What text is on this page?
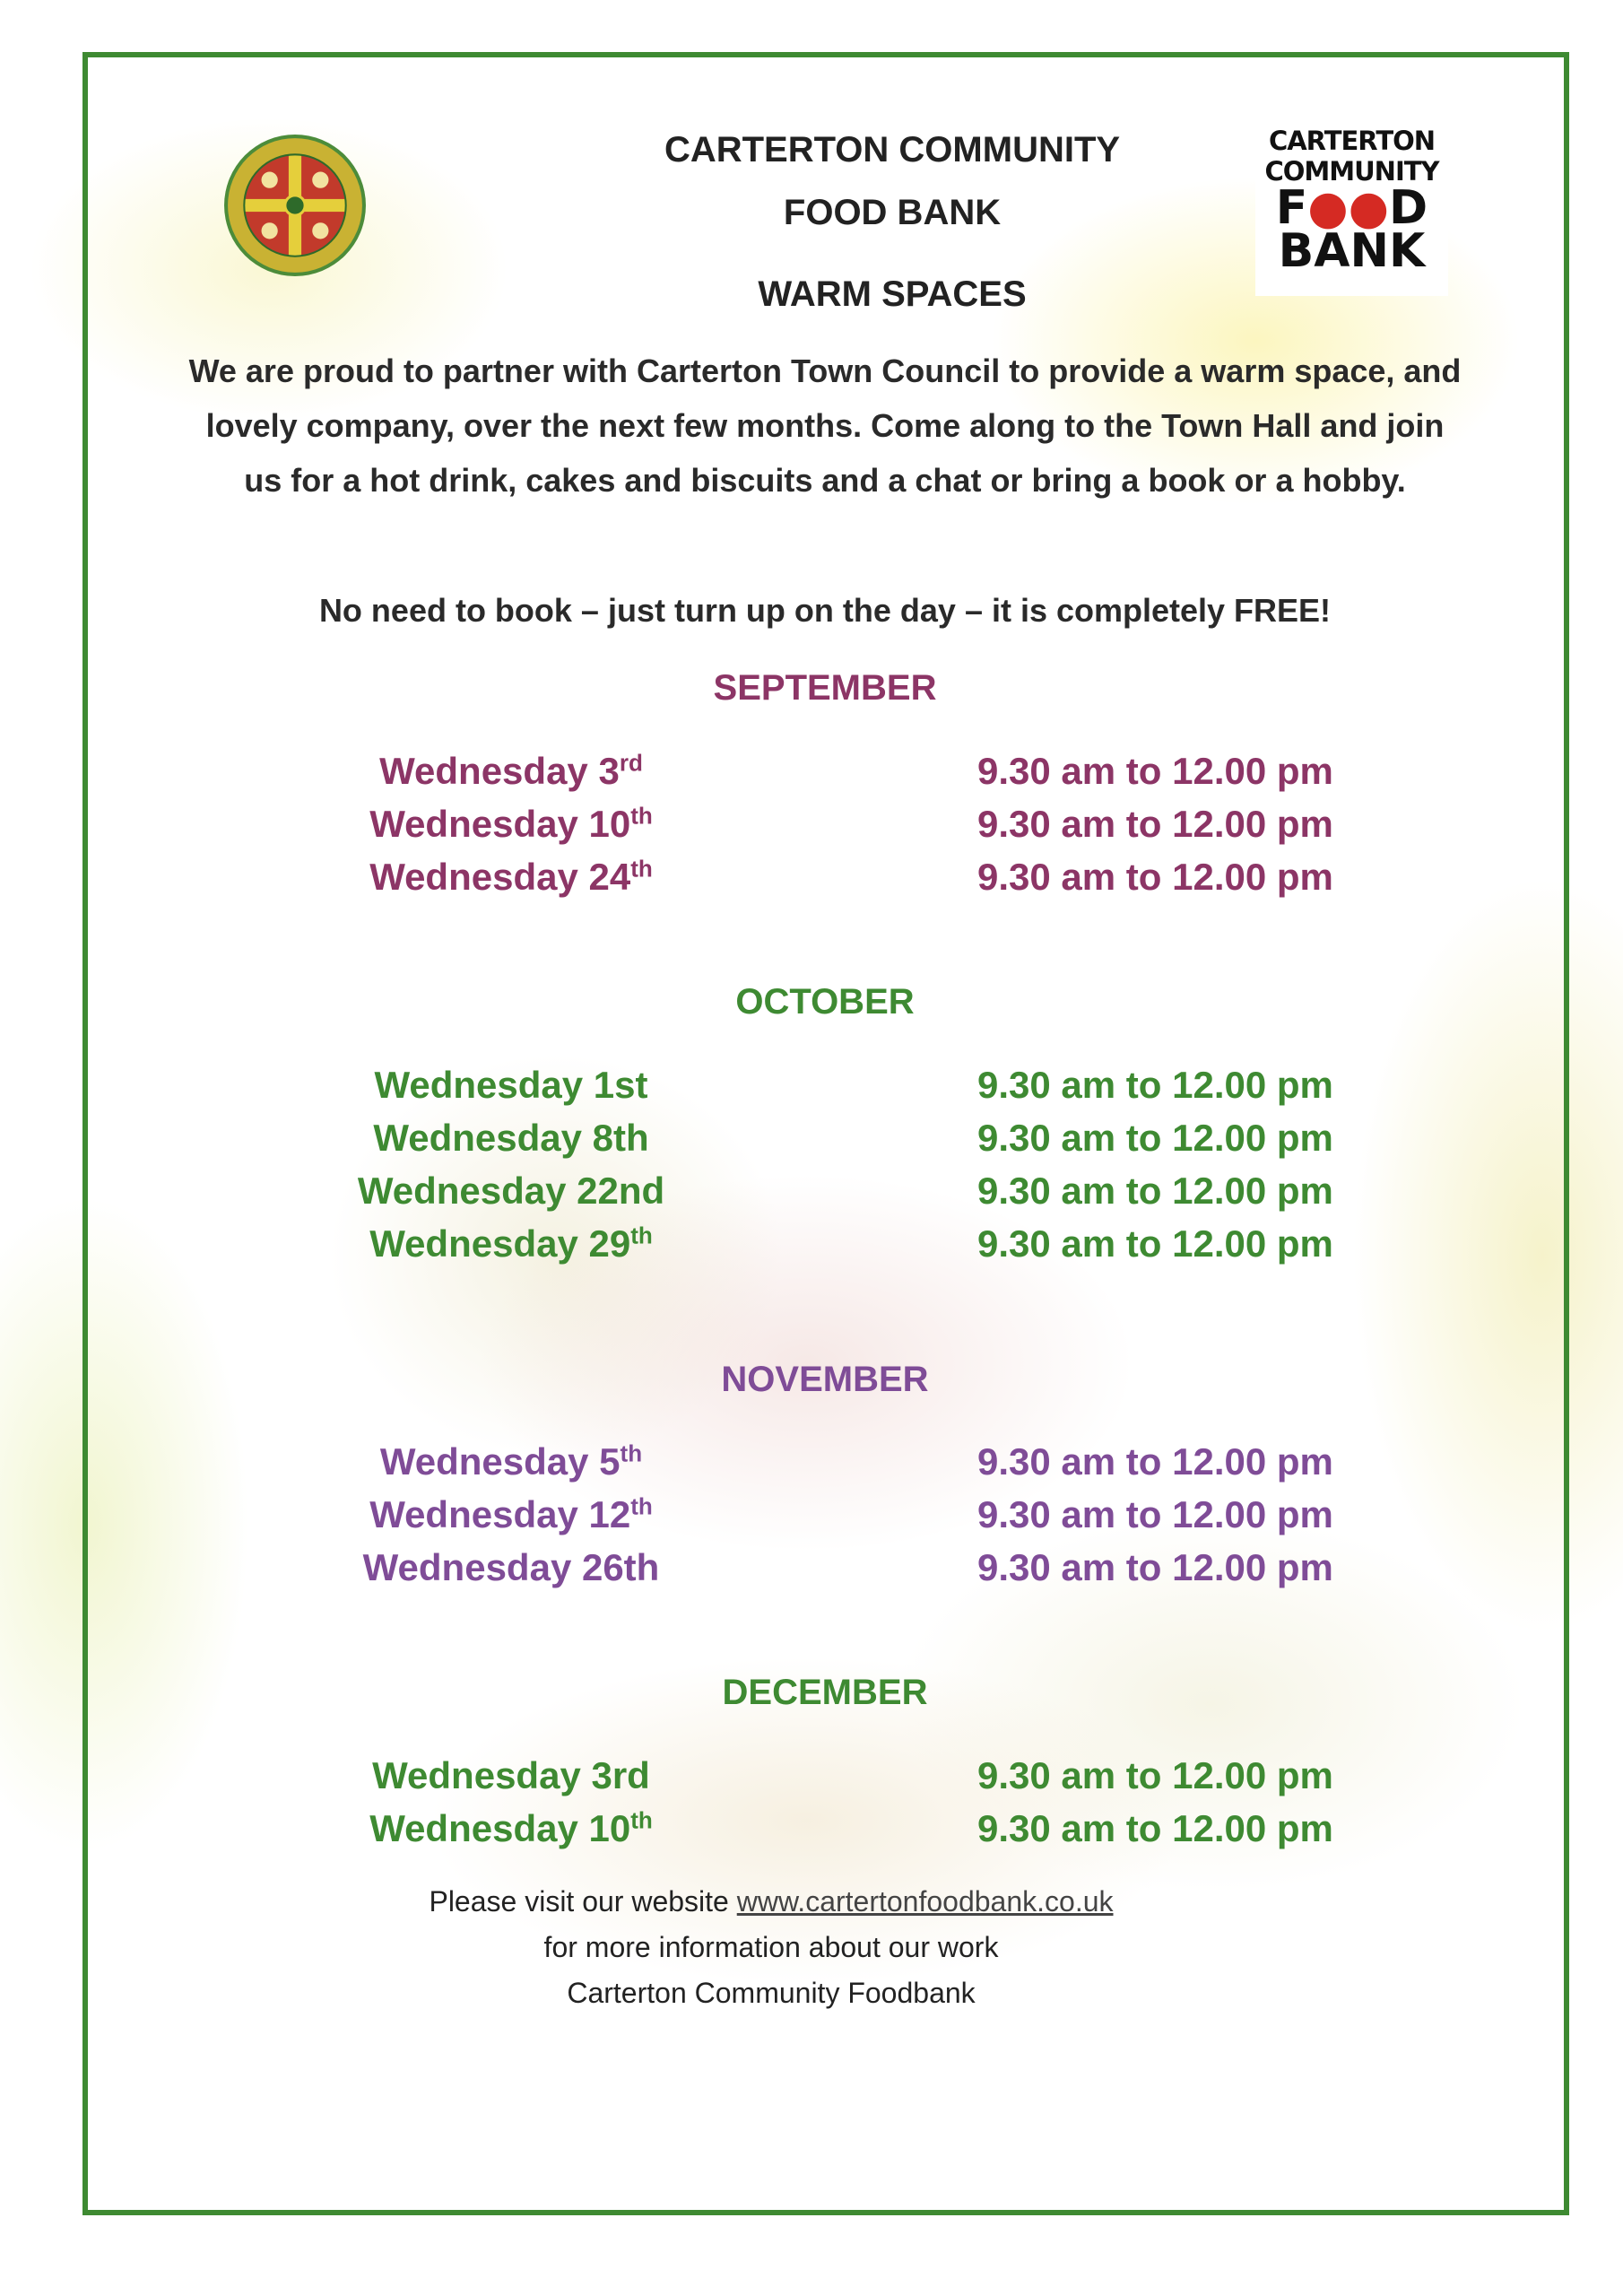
CARTERTON
COMMUNITY
F●●D
BANK
CARTERTON COMMUNITY
FOOD BANK
WARM SPACES
We are proud to partner with Carterton Town Council to provide a warm space, and lovely company, over the next few months. Come along to the Town Hall and join us for a hot drink, cakes and biscuits and a chat or bring a book or a hobby.
No need to book – just turn up on the day – it is completely FREE!
SEPTEMBER
Wednesday 3rd	9.30 am to 12.00 pm
Wednesday 10th	9.30 am to 12.00 pm
Wednesday 24th	9.30 am to 12.00 pm
OCTOBER
Wednesday 1st	9.30 am to 12.00 pm
Wednesday 8th	9.30 am to 12.00 pm
Wednesday 22nd	9.30 am to 12.00 pm
Wednesday 29th	9.30 am to 12.00 pm
NOVEMBER
Wednesday 5th	9.30 am to 12.00 pm
Wednesday 12th	9.30 am to 12.00 pm
Wednesday 26th	9.30 am to 12.00 pm
DECEMBER
Wednesday 3rd	9.30 am to 12.00 pm
Wednesday 10th	9.30 am to 12.00 pm
Please visit our website www.cartertonfoodbank.co.uk
for more information about our work
Carterton Community Foodbank
